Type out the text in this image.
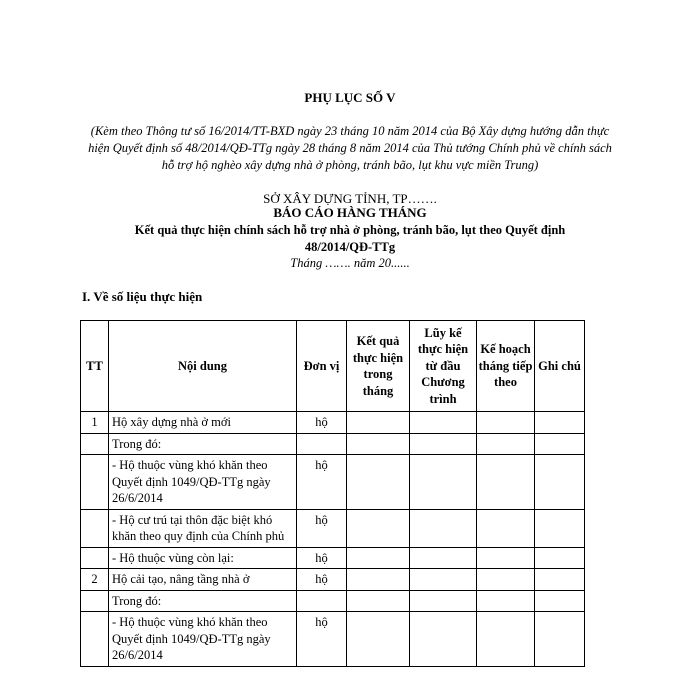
PHỤ LỤC SỐ V
(Kèm theo Thông tư số 16/2014/TT-BXD ngày 23 tháng 10 năm 2014 của Bộ Xây dựng hướng dẫn thực hiện Quyết định số 48/2014/QĐ-TTg ngày 28 tháng 8 năm 2014 của Thủ tướng Chính phủ về chính sách hỗ trợ hộ nghèo xây dựng nhà ở phòng, tránh bão, lụt khu vực miền Trung)
SỞ XÂY DỰNG TỈNH, TP…….
BÁO CÁO HÀNG THÁNG
Kết quả thực hiện chính sách hỗ trợ nhà ở phòng, tránh bão, lụt theo Quyết định 48/2014/QĐ-TTg
Tháng ……. năm 20......
I. Về số liệu thực hiện
TT	Nội dung	Đơn vị	Kết quả thực hiện trong tháng	Lũy kế thực hiện từ đầu Chương trình	Kế hoạch tháng tiếp theo	Ghi chú
1	Hộ xây dựng nhà ở mới	hộ				
	Trong đó:					
	- Hộ thuộc vùng khó khăn theo Quyết định 1049/QĐ-TTg ngày 26/6/2014	hộ				
	- Hộ cư trú tại thôn đặc biệt khó khăn theo quy định của Chính phủ	hộ				
	- Hộ thuộc vùng còn lại:	hộ				
2	Hộ cải tạo, nâng tầng nhà ở	hộ				
	Trong đó:					
	- Hộ thuộc vùng khó khăn theo Quyết định 1049/QĐ-TTg ngày 26/6/2014	hộ				
